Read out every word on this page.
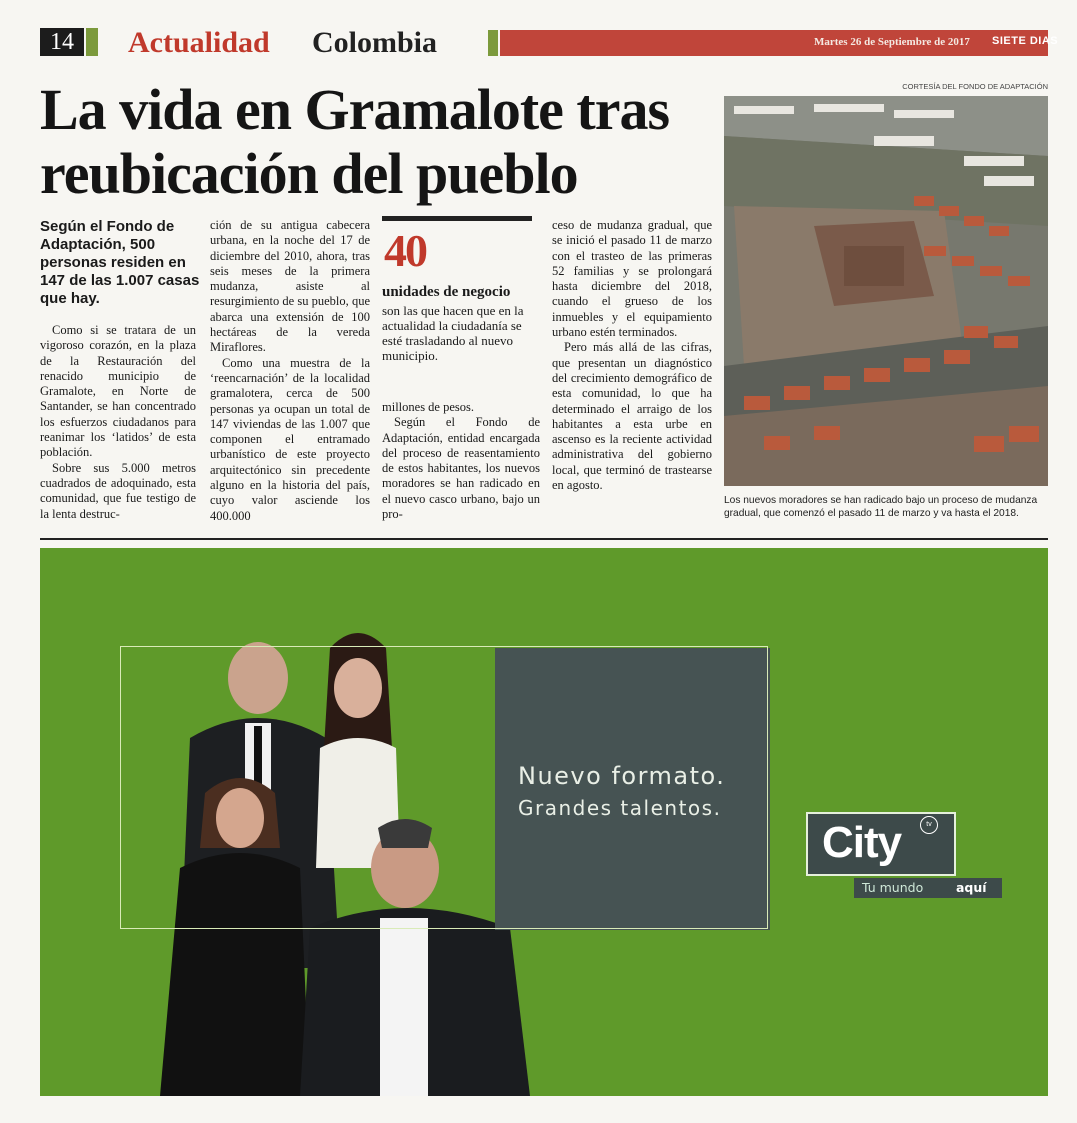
14	Actualidad Colombia	Martes 26 de Septiembre de 2017 SIETE DIAS
La vida en Gramalote tras
reubicación del pueblo
Según el Fondo de Adaptación, 500 personas residen en 147 de las 1.007 casas que hay.

Como si se tratara de un vigoroso corazón, en la plaza de la Restauración del renacido municipio de Gramalote, en Norte de Santander, se han concentrado los esfuerzos ciudadanos para reanimar los ‘latidos’ de esta población.

Sobre sus 5.000 metros cuadrados de adoquinado, esta comunidad, que fue testigo de la lenta destruc-

ción de su antigua cabecera urbana, en la noche del 17 de diciembre del 2010, ahora, tras seis meses de la primera mudanza, asiste al resurgimiento de su pueblo, que abarca una extensión de 100 hectáreas de la vereda Miraflores.

Como una muestra de la ‘reencarnación’ de la localidad gramalotera, cerca de 500 personas ya ocupan un total de 147 viviendas de las 1.007 que componen el entramado urbanístico de este proyecto arquitectónico sin precedente alguno en la historia del país, cuyo valor asciende los 400.000

40
unidades de negocio
son las que hacen que en la actualidad la ciudadanía se esté trasladando al nuevo municipio.

millones de pesos.

Según el Fondo de Adaptación, entidad encargada del proceso de reasentamiento de estos habitantes, los nuevos moradores se han radicado en el nuevo casco urbano, bajo un pro-

ceso de mudanza gradual, que se inició el pasado 11 de marzo con el trasteo de las primeras 52 familias y se prolongará hasta diciembre del 2018, cuando el grueso de los inmuebles y el equipamiento urbano estén terminados.

Pero más allá de las cifras, que presentan un diagnóstico del crecimiento demográfico de esta comunidad, lo que ha determinado el arraigo de los habitantes a esta urbe en ascenso es la reciente actividad administrativa del gobierno local, que terminó de trastearse en agosto.

CORTESÍA DEL FONDO DE ADAPTACIÓN
Los nuevos moradores se han radicado bajo un proceso de mudanza gradual, que comenzó el pasado 11 de marzo y va hasta el 2018.
Nuevo formato.
Grandes talentos.
City	tv
Tu mundo	aquí
